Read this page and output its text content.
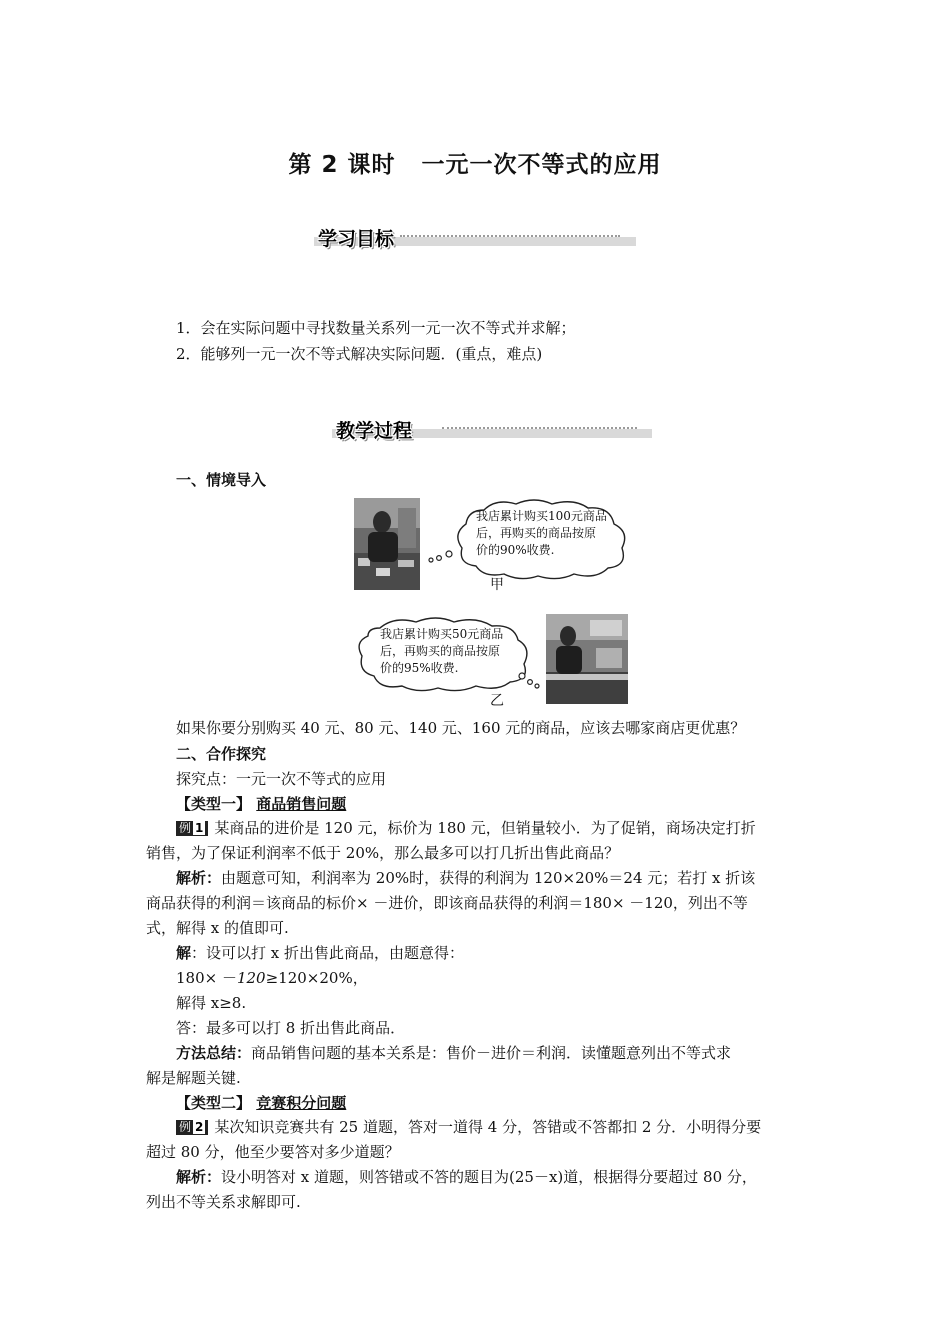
第 2 课时 一元一次不等式的应用
学习目标
1．会在实际问题中寻找数量关系列一元一次不等式并求解；
2．能够列一元一次不等式解决实际问题．(重点，难点)
教学过程
一、情境导入
我店累计购买100元商品
后，再购买的商品按原
价的90%收费.
甲
我店累计购买50元商品
后，再购买的商品按原
价的95%收费.
乙
如果你要分别购买 40 元、80 元、140 元、160 元的商品，应该去哪家商店更优惠？
二、合作探究
探究点：一元一次不等式的应用
【类型一】 商品销售问题
例 1 某商品的进价是 120 元，标价为 180 元，但销量较小．为了促销，商场决定打折
销售，为了保证利润率不低于 20%，那么最多可以打几折出售此商品？
解析：由题意可知，利润率为 20%时，获得的利润为 120×20%＝24 元；若打 x 折该
商品获得的利润＝该商品的标价× －进价，即该商品获得的利润＝180× －120，列出不等
式，解得 x 的值即可.
解：设可以打 x 折出售此商品，由题意得：
180× －120≥120×20%，
解得 x≥8.
答：最多可以打 8 折出售此商品．
方法总结：商品销售问题的基本关系是：售价－进价＝利润．读懂题意列出不等式求
解是解题关键.
【类型二】 竞赛积分问题
例 2 某次知识竞赛共有 25 道题，答对一道得 4 分，答错或不答都扣 2 分．小明得分要
超过 80 分，他至少要答对多少道题？
解析：设小明答对 x 道题，则答错或不答的题目为(25－x)道，根据得分要超过 80 分，
列出不等关系求解即可.
